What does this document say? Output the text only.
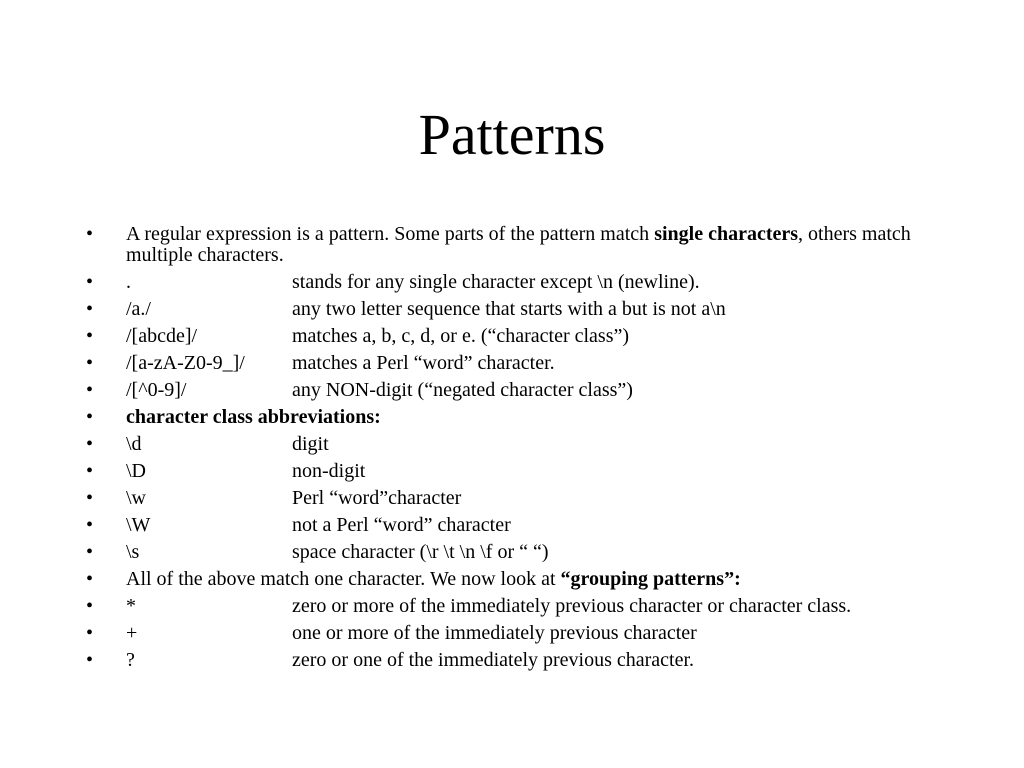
Patterns
• A regular expression is a pattern. Some parts of the pattern match single characters, others match multiple characters.
• .	stands for any single character except \n (newline).
• /a./	any two letter sequence that starts with a but is not a\n
• /[abcde]/	matches a, b, c, d, or e. (“character class”)
• /[a-zA-Z0-9_]/ matches a Perl “word” character.
• /[^0-9]/	any NON-digit (“negated character class”)
• character class abbreviations:
• \d	digit
• \D	non-digit
• \w	Perl “word”character
• \W	not a Perl “word” character
• \s	space character (\r \t \n \f or “ “)
• All of the above match one character. We now look at “grouping patterns”:
• *	zero or more of the immediately previous character or character class.
• +	one or more of the immediately previous character
• ?	zero or one of the immediately previous character.
